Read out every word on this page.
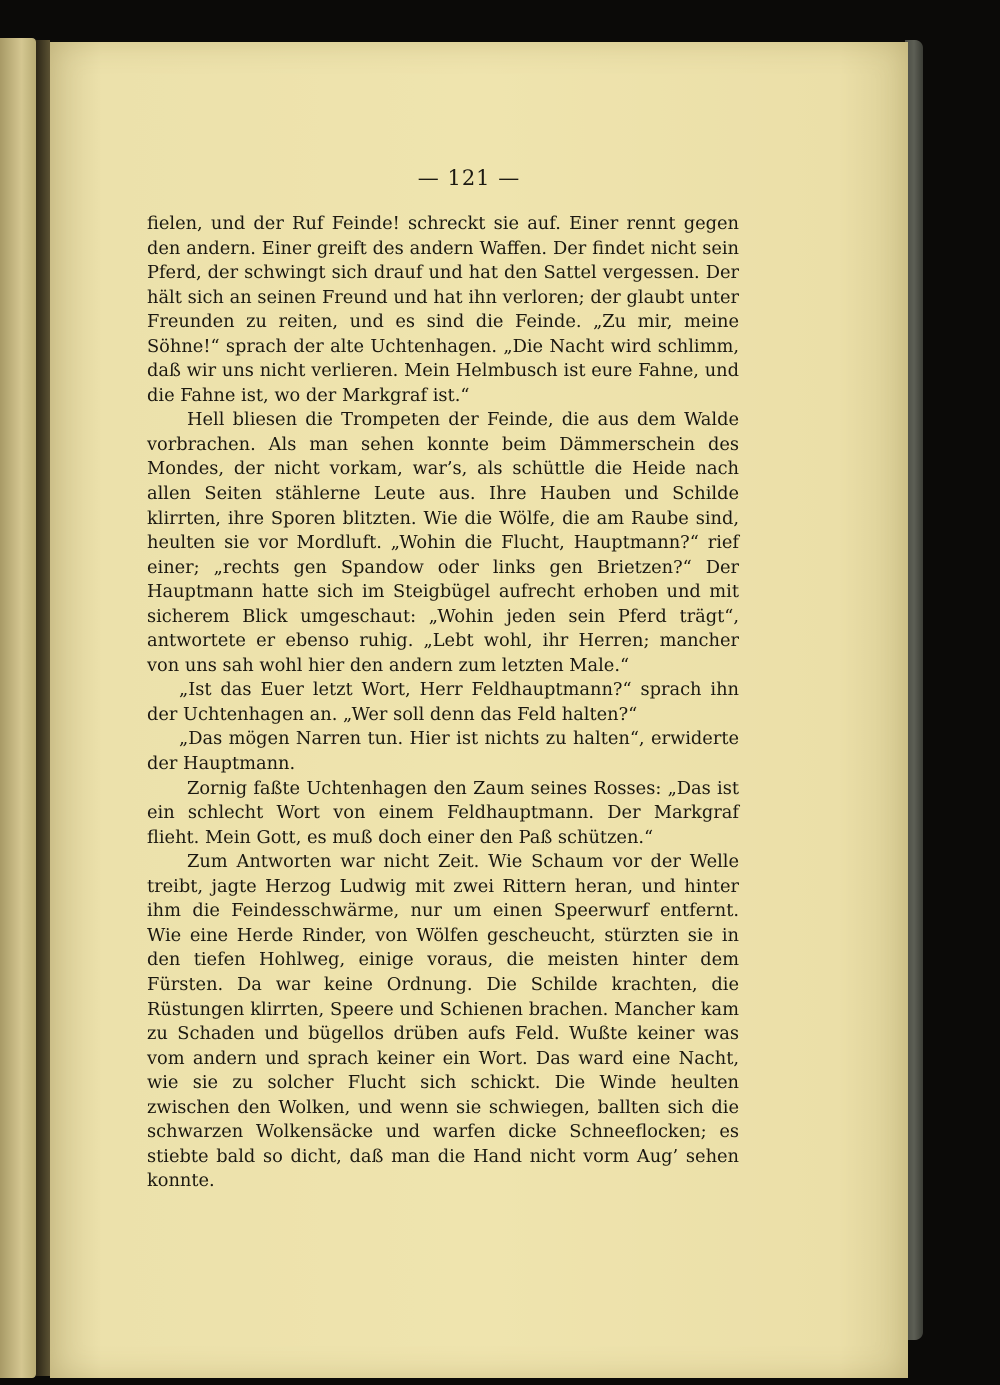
— 121 —

fielen, und der Ruf Feinde! schreckt sie auf. Einer rennt gegen den andern. Einer greift des andern Waffen. Der findet nicht sein Pferd, der schwingt sich drauf und hat den Sattel vergessen. Der hält sich an seinen Freund und hat ihn verloren; der glaubt unter Freunden zu reiten, und es sind die Feinde. „Zu mir, meine Söhne!“ sprach der alte Uchtenhagen. „Die Nacht wird schlimm, daß wir uns nicht verlieren. Mein Helmbusch ist eure Fahne, und die Fahne ist, wo der Markgraf ist.“

Hell bliesen die Trompeten der Feinde, die aus dem Walde vorbrachen. Als man sehen konnte beim Dämmerschein des Mondes, der nicht vorkam, war’s, als schüttle die Heide nach allen Seiten stählerne Leute aus. Ihre Hauben und Schilde klirrten, ihre Sporen blitzten. Wie die Wölfe, die am Raube sind, heulten sie vor Mordluft. „Wohin die Flucht, Hauptmann?“ rief einer; „rechts gen Spandow oder links gen Brietzen?“ Der Hauptmann hatte sich im Steigbügel aufrecht erhoben und mit sicherem Blick umgeschaut: „Wohin jeden sein Pferd trägt“, antwortete er ebenso ruhig. „Lebt wohl, ihr Herren; mancher von uns sah wohl hier den andern zum letzten Male.“

„Ist das Euer letzt Wort, Herr Feldhauptmann?“ sprach ihn der Uchtenhagen an. „Wer soll denn das Feld halten?“

„Das mögen Narren tun. Hier ist nichts zu halten“, erwiderte der Hauptmann.

Zornig faßte Uchtenhagen den Zaum seines Rosses: „Das ist ein schlecht Wort von einem Feldhauptmann. Der Markgraf flieht. Mein Gott, es muß doch einer den Paß schützen.“

Zum Antworten war nicht Zeit. Wie Schaum vor der Welle treibt, jagte Herzog Ludwig mit zwei Rittern heran, und hinter ihm die Feindesschwärme, nur um einen Speerwurf entfernt. Wie eine Herde Rinder, von Wölfen gescheucht, stürzten sie in den tiefen Hohlweg, einige voraus, die meisten hinter dem Fürsten. Da war keine Ordnung. Die Schilde krachten, die Rüstungen klirrten, Speere und Schienen brachen. Mancher kam zu Schaden und bügellos drüben aufs Feld. Wußte keiner was vom andern und sprach keiner ein Wort. Das ward eine Nacht, wie sie zu solcher Flucht sich schickt. Die Winde heulten zwischen den Wolken, und wenn sie schwiegen, ballten sich die schwarzen Wolkensäcke und warfen dicke Schneeflocken; es stiebte bald so dicht, daß man die Hand nicht vorm Aug’ sehen konnte.
